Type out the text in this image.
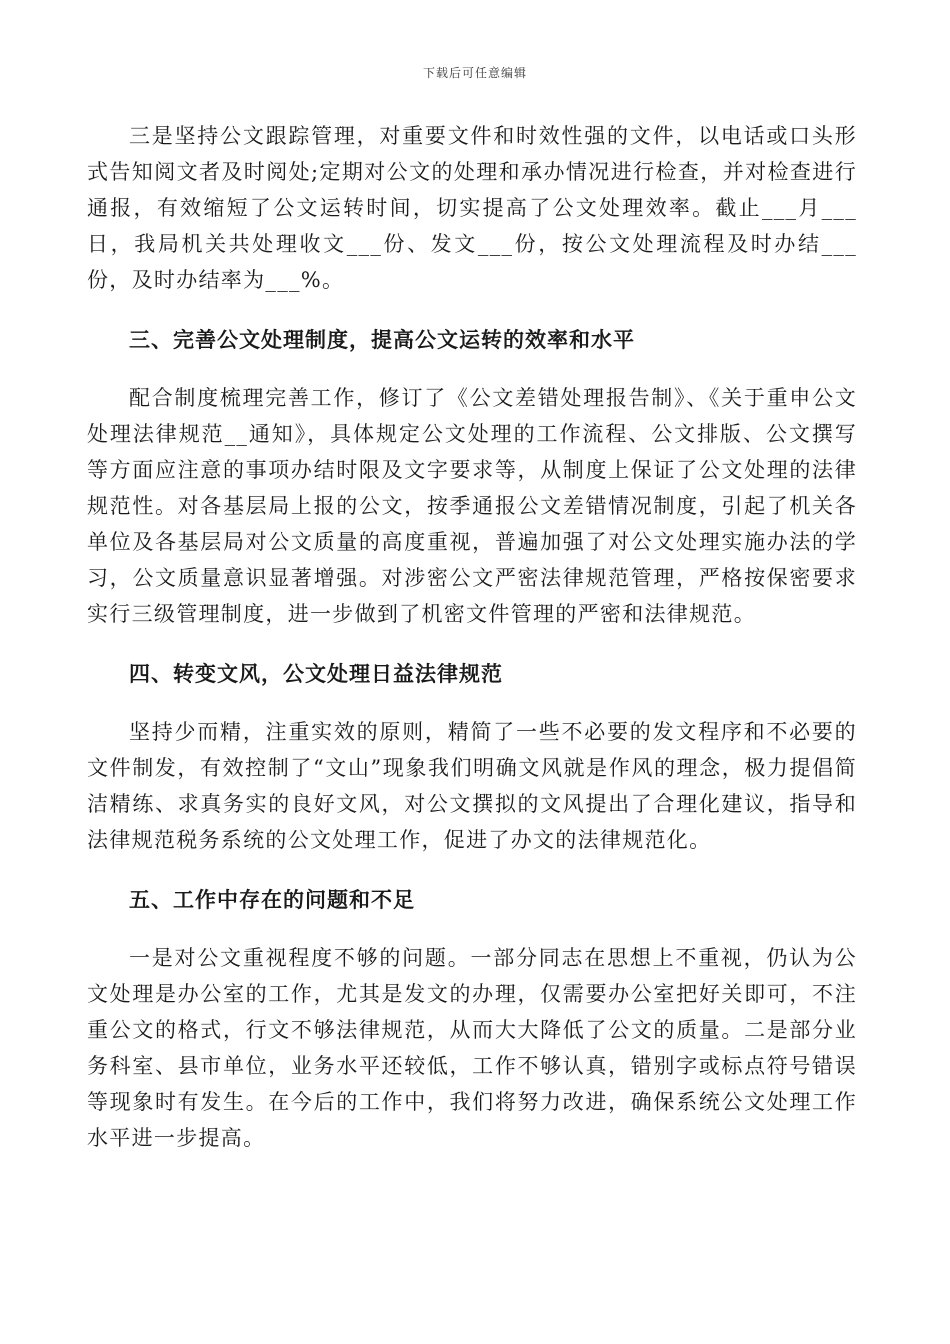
下载后可任意编辑

三是坚持公文跟踪管理，对重要文件和时效性强的文件，以电话或口头形式告知阅文者及时阅处;定期对公文的处理和承办情况进行检查，并对检查进行通报，有效缩短了公文运转时间，切实提高了公文处理效率。截止___月___日，我局机关共处理收文___份、发文___份，按公文处理流程及时办结___份，及时办结率为___%。

三、完善公文处理制度，提高公文运转的效率和水平

配合制度梳理完善工作，修订了《公文差错处理报告制》、《关于重申公文处理法律规范__通知》，具体规定公文处理的工作流程、公文排版、公文撰写等方面应注意的事项办结时限及文字要求等，从制度上保证了公文处理的法律规范性。对各基层局上报的公文，按季通报公文差错情况制度，引起了机关各单位及各基层局对公文质量的高度重视，普遍加强了对公文处理实施办法的学习，公文质量意识显著增强。对涉密公文严密法律规范管理，严格按保密要求实行三级管理制度，进一步做到了机密文件管理的严密和法律规范。

四、转变文风，公文处理日益法律规范

坚持少而精，注重实效的原则，精简了一些不必要的发文程序和不必要的文件制发，有效控制了“文山”现象我们明确文风就是作风的理念，极力提倡简洁精练、求真务实的良好文风，对公文撰拟的文风提出了合理化建议，指导和法律规范税务系统的公文处理工作，促进了办文的法律规范化。

五、工作中存在的问题和不足

一是对公文重视程度不够的问题。一部分同志在思想上不重视，仍认为公文处理是办公室的工作，尤其是发文的办理，仅需要办公室把好关即可，不注重公文的格式，行文不够法律规范，从而大大降低了公文的质量。二是部分业务科室、县市单位，业务水平还较低，工作不够认真，错别字或标点符号错误等现象时有发生。在今后的工作中，我们将努力改进，确保系统公文处理工作水平进一步提高。
